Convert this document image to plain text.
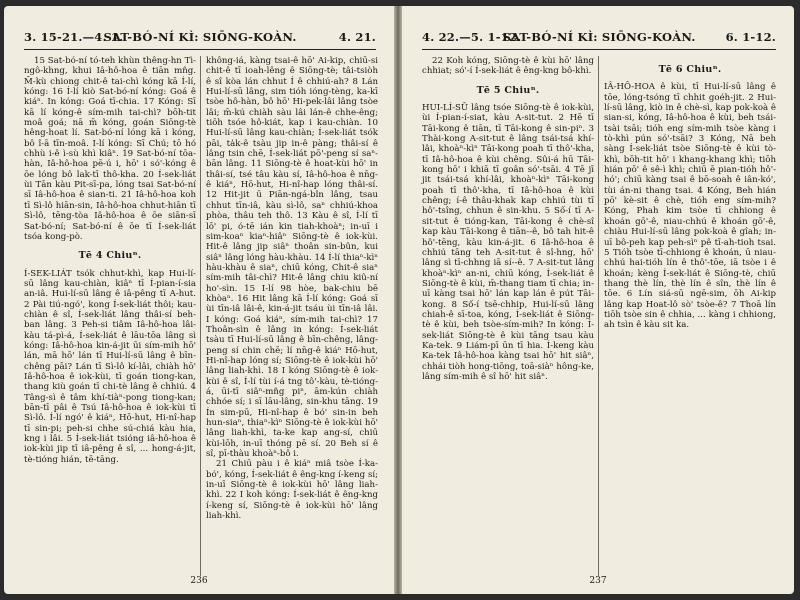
3. 15-21.—4. 1.
SAT-BÓ-NÍ KÌ: SIŌNG-KOÀN.	4. 21.

15 Sat-bó-ní tó-teh khùn thêng-hn Tì-ngô-khng, khui Iâ-hô-hoa ê tiān mn̂g. M̄-kù chiong chit-ê tai-chì kóng kā Í-lí, kóng: 16 Í-lí kiò Sat-bó-ní kóng: Goá ê kiáⁿ. In kóng: Goá tī-chia. 17 Kóng: Sī kā lí kóng-ê sím-mih tai-chì? bōh-tit moâ goá; nā m̄ kóng, goán Siōng-tè hêng-hoat lí. Sat-bó-ní lóng kā i kóng, bô î-ā tīn-moâ. I-lí kóng: Sī Chú; tō hó chhù i-ê ì-sù khì kiâⁿ. 19 Sat-bó-ní tōa-hàn, Iâ-hô-hoa pē-ú i, hō' i só'-kóng ê ōe lóng bô lak-tī thô-kha. 20 Í-sek-liát ùi Tān kàu Pit-sī-pa, lóng tsai Sat-bó-ní sī Iâ-hô-hoa ê sian-ti. 21 Iâ-hô-hoa koh tī Sì-lô hiān-sin, Iâ-hô-hoa chhut-hiān tī Sì-lô, tēng-tòa Iâ-hô-hoa ê ōe siān-sī Sat-bó-ní; Sat-bó-ní ê ōe tī Í-sek-liát tsóa kong-pò.

Tē 4 Chiuⁿ.

Í-SEK-LIÁT tsók chhut-khì, kap Hui-lí-sū lâng kau-chiàn, kiâⁿ tī Í-pian-í-sia an-iâ. Hui-lí-sū lâng ê iâ-pêng tī A-hut. 2 Pài tiú-ngó', kong Í-sek-liát thôi; kau-chiàn ê sî, Í-sek-liát lâng thâi-sí beh-ban lâng. 3 Peh-si tiâm Iâ-hô-hoa lâi-kàu tá-pì-á, Í-sek-liát ê lāu-tōa lâng sì kóng: Iâ-hô-hoa kin-á-jit ūi sím-mih hō' lán, mā hō' lán tī Hui-lí-sū lâng ê bīn-chêng pāi? Lán tī Sì-lô kí-lâi, chiàh hō' Iâ-hô-hoa ê iok-kùi, tī goán tiong-kan, thang kiù goán tī chi-tè lâng ê chhiú. 4 Tâng-sì ê tâm khí-tiàⁿ-pong tiong-kan; bān-tī pâi ê Tsú Iâ-hô-hoa ê iok-kùi tī Sì-lô. Í-lí ngó' ê kiáⁿ, Hō-hut, Hi-nî-hap tī sin-pi; peh-si chhe sú-chiá kàu hia, kng i lâi. 5 Í-sek-liát tsióng iâ-hô-hoa ê iok-kùi jip tī iâ-pêng ê sî, ... hong-á-jit, tè-tióng hián, tē-tāng.

không-iá, kàng tsai-ê hō' Ai-kip, chiū-si chit-ê tī ioah-lêng ê Siōng-tè; tâi-tsiòh ê sî kòa lán chhut Í ê chhiú-ah? 8 Lán Hui-lí-sū lâng, sim tióh ióng-tèng, ka-kī tsòe hô-hàn, bô hō' Hi-pek-lâi lâng tsòe lâi; m̄-kú chiàh sàu lâi lán-ê chhe-êng; tiōh tsóe hô-kiát, kap i kau-chiàn. 10 Hui-lí-sū lâng kau-chiàn; Í-sek-liát tsók pāi, ta̍k-ê tsàu jip in-ê pàng; thâi-sí ê lâng tsin chē, Í-sek-liát pō'-peng sí saⁿ-bān lâng. 11 Siōng-tè ê hoat-kùi hō' in thâi-sí, tsé tâu kàu sí, Iâ-hô-hoa ê nn̄g-ê kiáⁿ, Hō-hut, Hi-nî-hap lóng thâi-sí. 12 Hit-jit ū Piān-ngá-bîn lâng, tsau chhut tīn-iâ, kàu sì-lô, saⁿ chhiú-khoa phòa, thâu teh thô. 13 Kàu ê sî, Í-lí tī lō' pi, ó-tē ián kin tiah-khoàⁿ; in-uī i sim-koaⁿ kiaⁿ-hiâⁿ Siōng-tè ê iok-kùi. Hit-ê lâng jip siâⁿ thoân sin-bûn, kui siâⁿ lâng lóng hàu-khàu. 14 Í-lí thiaⁿ-kìⁿ hàu-khàu ê siaⁿ, chiū kóng, Chit-ê siaⁿ sím-mih tâi-chì? Hit-ê lâng chiu kiû-ní ho'-sìn. 15 I-lí 98 hòe, bak-chiu bē khòaⁿ. 16 Hit lâng kā Í-lí kóng: Goá sī ùi tīn-iâ lâi-ê, kin-á-jit tsáu ùi tīn-iâ lâi. I kóng: Goá kiáⁿ, sím-mih tai-chì? 17 Thoân-sìn ê lâng in kóng: Í-sek-liát tsàu tī Hui-lí-sū lâng ê bīn-chêng, lâng-peng sí chin chē; lí nn̄g-ê kiáⁿ Hō-hut, Hi-nî-hap lóng sí; Siōng-tè ê iok-kùi hō' lâng liah-khì. 18 I kóng Siōng-tè ê iok-kùi ê sî, Í-lí tùi í-á tng tô'-kàu, tè-tióng-á, ūi-tī siâⁿ-mn̂g piⁿ, ām-kún chiàh chhóe sí; i sī lāu-lâng, sin-khu tāng. 19 Ín sim-pū, Hi-nî-hap ê bó' sin-in beh hun-siaⁿ, thiaⁿ-kìⁿ Siōng-tè ê iok-kùi hō' lâng liah-khì, ta-ke kap ang-sí, chiū kùi-lōh, in-uī thóng pē sí. 20 Beh sí ê sî, pī-thàu khoàⁿ-bô i.

21 Chiū pàu i ê kiáⁿ miâ tsòe Í-ka-bó', kóng, Í-sek-liát ê êng-kng í-keng sí; in-uī Siōng-tè ê iok-kùi hō' lâng liah-khì. 22 I koh kóng: Í-sek-liát ê êng-kng í-keng sí, Siōng-tè ê iok-kùi hō' lâng liah-khì.

236
4. 22.—5. 1-12.
SAT-BÓ-NÍ KÌ: SIŌNG-KOÀN.	6. 1-12.

22 Koh kóng, Siōng-tè ê kùi hō' lâng chhiat; só'-í Í-sek-liát ê êng-kng bô-khì.

Tē 5 Chiuⁿ.

HUI-LÍ-SŪ lâng tsóe Siōng-tè ê iok-kùi, ùi Í-pian-í-siat, kàu A-sit-tut. 2 Hē tī Tāi-kong ê tiān, tī Tāi-kong ê sin-piⁿ. 3 Thài-kong A-sit-tut ê lâng tsái-tsá khí-lâi, khoàⁿ-kìⁿ Tāi-kong poah tī thô'-kha, tī Iâ-hô-hoa ê kùi chêng. Sûi-á hū Tāi-kong hō' i khiā tī goân só'-tsāi. 4 Tē jī jit tsái-tsá khí-lâi, khoàⁿ-kìⁿ Tāi-kong poah tī thô'-kha, tī Iâ-hô-hoa ê kùi chêng; í-ê thâu-khak kap chhiú tùi tī hô'-tsîng, chhun ê sin-khu. 5 Số-í tī A-sit-tut ê tióng-kan, Tāi-kong ê chè-sî kap kàu Tāi-kong ê tiān--ê, bô tah hit-ê hô'-tēng, kàu kin-á-jit. 6 Iâ-hô-hoa ê chhiú tāng teh A-sit-tut ê sî-hng, hō' lâng sì tī-chhng iā sí--ê. 7 A-sit-tut lâng khoàⁿ-kìⁿ an-ni, chiū kóng, Í-sek-liát ê Siōng-tè ê kùi, m̄-thang tiam tī chia; in-uī kàng tsai hō' lán kap lán ê pút Tāi-kong. 8 Số-í tsē-chhip, Hui-lí-sū lâng chiah-ê sī-toa, kóng, Í-sek-liát ê Siōng-tè ê kùi, beh tsòe-sím-mih? In kóng: Í-sek-liát Siōng-tè ê kùi tāng tsau kàu Ka-tek. 9 Liám-pī ūn tī hia. Í-keng kàu Ka-tek Iâ-hô-hoa kàng tsai hō' hit siâⁿ, chhái tiòh hong-tiōng, toā-siàⁿ hông-ke, lâng sím-mih ê sî hō' hit siâⁿ.

Tē 6 Chiuⁿ.

IÂ-HÔ-HOA ê kùi, tī Hui-lí-sū lâng ê tōe, lóng-tsóng tī chhit goéh-jit. 2 Hui-lí-sū lâng, kiò in ê chè-sì, kap pok-koà ê sian-si, kóng, Iâ-hô-hoa ê kùi, beh tsái-tsài tsāi; tióh eng sím-mih tsòe kàng i tò-khì pún só'-tsāi? 3 Kóng, Nā beh sàng Í-sek-liát tsòe Siōng-tè ê kùi tò-khì, bōh-tit hō' i khang-khang khì; tiōh hián pō' ê sê-ì khì; chiū ē pian-tióh hô'-hó'; chiū kàng tsai ê bō-soah ê iân-kó', tùi án-ni thang tsai. 4 Kóng, Beh hián pō' kè-sit ê chè, tióh eng sím-mih? Kóng, Phah kim tsòe tī chhiong ê khoán gō'-ê, niau-chhú ê khoán gō'-ê, chiàu Hui-lí-sū lâng pok-koà ê gîah; in-uī bô-peh kap peh-sìⁿ pê tī-ah-tioh tsai. 5 Tióh tsòe tī-chhiong ê khoán, ū niau-chhú hai-tióh lín ê thô'-tōe, iā tsòe i ê khoán; kèng Í-sek-liát ê Siōng-tè, chiū thang thè lín, thè lín ê sîn, thè lín ê tōe. 6 Lín siá-sū ngē-sim, ōh Ai-kip lâng kap Hoat-lô sò' tsòe-ê? 7 Thoā lín tiōh tsòe sin ê chhia, ... kàng i chhiong, ah tsìn ê kàu sit ka.

237
